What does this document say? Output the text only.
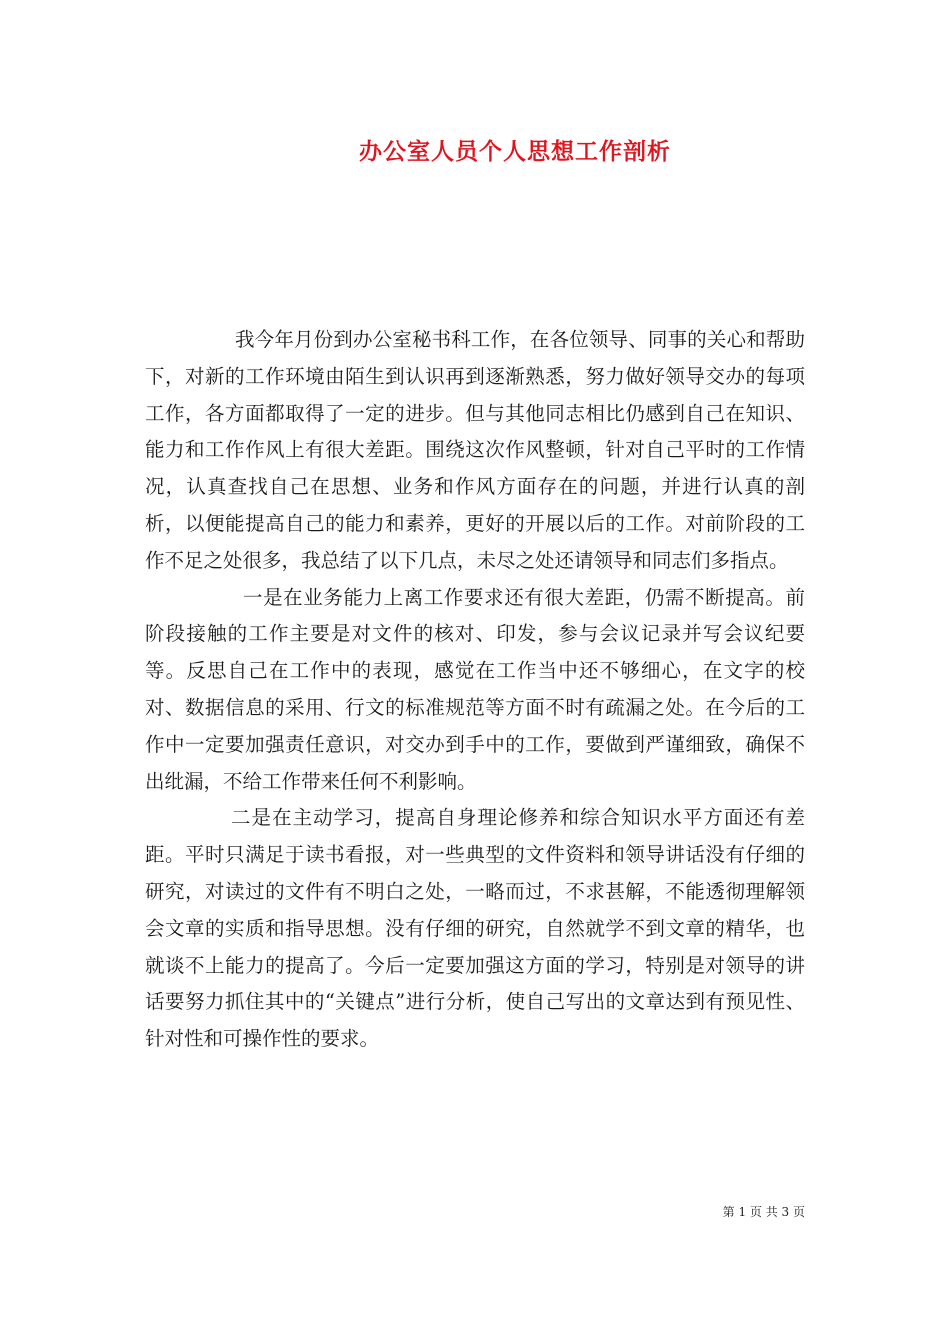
办公室人员个人思想工作剖析

我今年月份到办公室秘书科工作，在各位领导、同事的关心和帮助下，对新的工作环境由陌生到认识再到逐渐熟悉，努力做好领导交办的每项工作，各方面都取得了一定的进步。但与其他同志相比仍感到自己在知识、能力和工作作风上有很大差距。围绕这次作风整顿，针对自己平时的工作情况，认真查找自己在思想、业务和作风方面存在的问题，并进行认真的剖析，以便能提高自己的能力和素养，更好的开展以后的工作。对前阶段的工作不足之处很多，我总结了以下几点，未尽之处还请领导和同志们多指点。

一是在业务能力上离工作要求还有很大差距，仍需不断提高。前阶段接触的工作主要是对文件的核对、印发，参与会议记录并写会议纪要等。反思自己在工作中的表现，感觉在工作当中还不够细心，在文字的校对、数据信息的采用、行文的标准规范等方面不时有疏漏之处。在今后的工作中一定要加强责任意识，对交办到手中的工作，要做到严谨细致，确保不出纰漏，不给工作带来任何不利影响。

二是在主动学习，提高自身理论修养和综合知识水平方面还有差距。平时只满足于读书看报，对一些典型的文件资料和领导讲话没有仔细的研究，对读过的文件有不明白之处，一略而过，不求甚解，不能透彻理解领会文章的实质和指导思想。没有仔细的研究，自然就学不到文章的精华，也就谈不上能力的提高了。今后一定要加强这方面的学习，特别是对领导的讲话要努力抓住其中的“关键点”进行分析，使自己写出的文章达到有预见性、针对性和可操作性的要求。

第 1 页 共 3 页
